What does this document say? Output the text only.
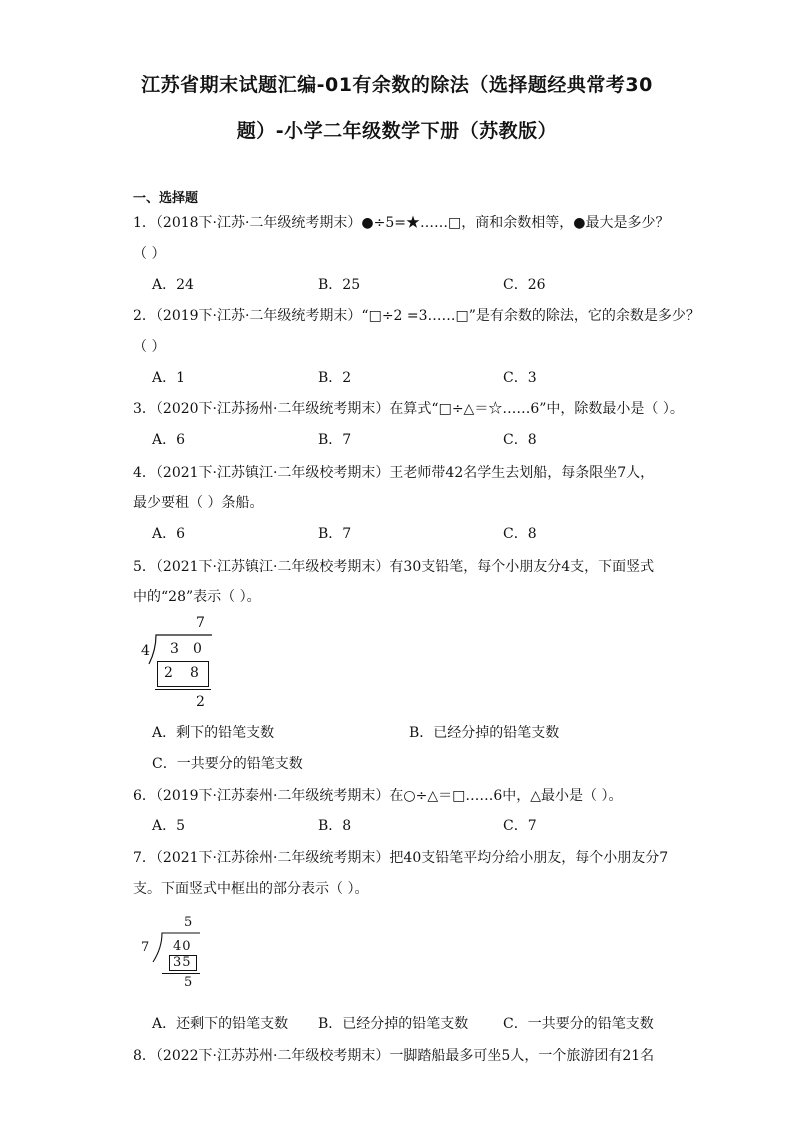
江苏省期末试题汇编-01有余数的除法（选择题经典常考30
题）-小学二年级数学下册（苏教版）
一、选择题
1．（2018下·江苏·二年级统考期末）●÷5=★……□，商和余数相等，●最大是多少？
（ ）
A．24	B．25	C．26
2．（2019下·江苏·二年级统考期末）“□÷2 =3……□”是有余数的除法，它的余数是多少？
（ ）
A．1	B．2	C．3
3．（2020下·江苏扬州·二年级统考期末）在算式“□÷△＝☆……6”中，除数最小是（ ）。
A．6	B．7	C．8
4．（2021下·江苏镇江·二年级校考期末）王老师带42名学生去划船，每条限坐7人，
最少要租（ ）条船。
A．6	B．7	C．8
5．（2021下·江苏镇江·二年级校考期末）有30支铅笔，每个小朋友分4支，下面竖式
中的“28”表示（ ）。
7
4 3 0
2 8
2
A．剩下的铅笔支数	B．已经分掉的铅笔支数
C．一共要分的铅笔支数
6．（2019下·江苏泰州·二年级统考期末）在○÷△＝□……6中，△最小是（ ）。
A．5	B．8	C．7
7．（2021下·江苏徐州·二年级统考期末）把40支铅笔平均分给小朋友，每个小朋友分7
支。下面竖式中框出的部分表示（ ）。
5
7 40
35
5
A．还剩下的铅笔支数 B．已经分掉的铅笔支数 C．一共要分的铅笔支数
8．（2022下·江苏苏州·二年级校考期末）一脚踏船最多可坐5人，一个旅游团有21名
